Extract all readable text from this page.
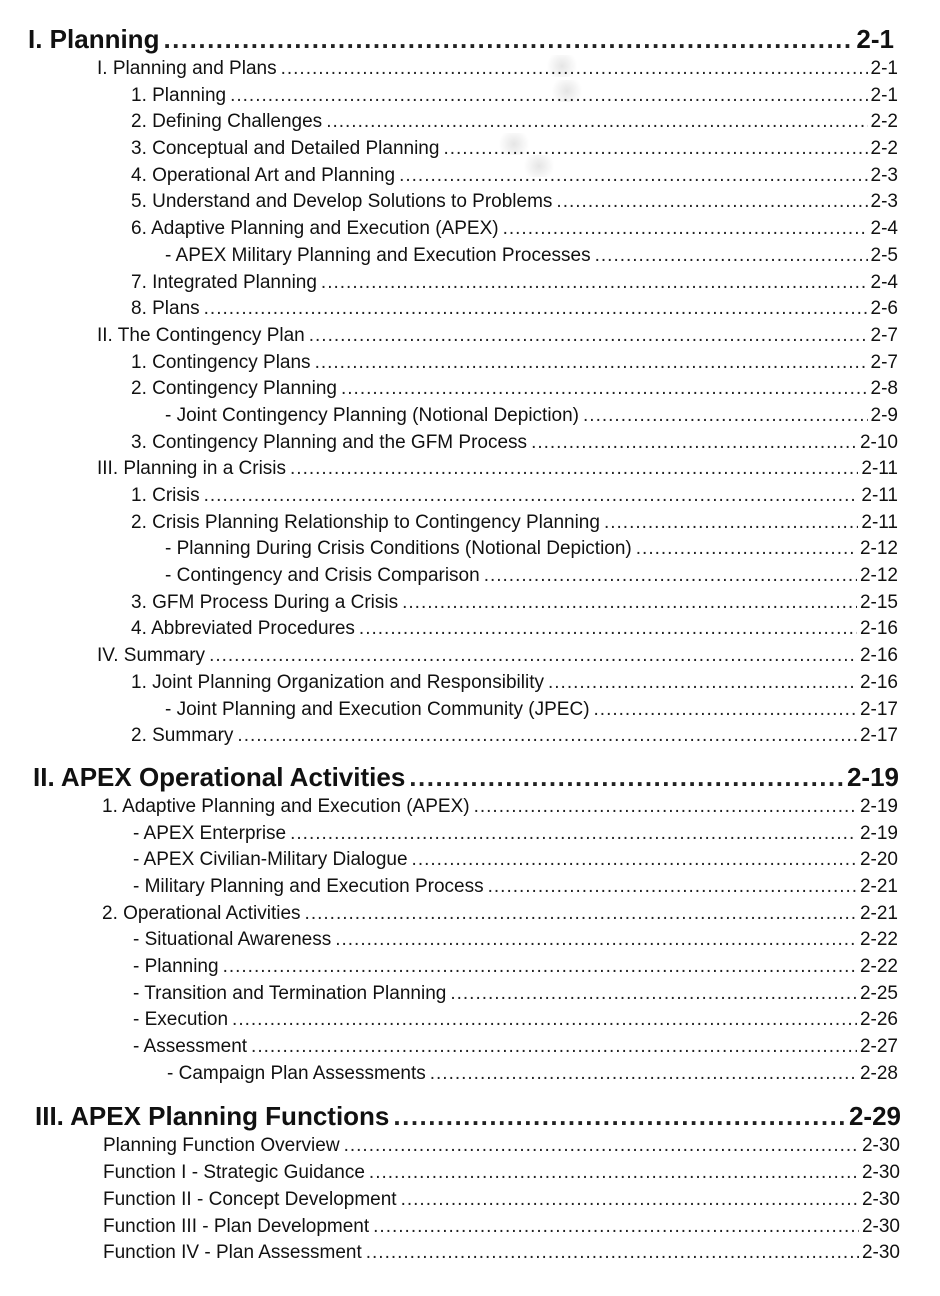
I. Planning .....	2-1
I. Planning and Plans .....	2-1
1. Planning .....	2-1
2. Defining Challenges .....	2-2
3. Conceptual and Detailed Planning .....	2-2
4. Operational Art and Planning .....	2-3
5. Understand and Develop Solutions to Problems .....	2-3
6. Adaptive Planning and Execution (APEX) .....	2-4
- APEX Military Planning and Execution Processes .....	2-5
7. Integrated Planning .....	2-4
8. Plans .....	2-6
II. The Contingency Plan .....	2-7
1. Contingency Plans .....	2-7
2. Contingency Planning .....	2-8
- Joint Contingency Planning (Notional Depiction) .....	2-9
3. Contingency Planning and the GFM Process .....	2-10
III. Planning in a Crisis .....	2-11
1. Crisis .....	2-11
2. Crisis Planning Relationship to Contingency Planning .....	2-11
- Planning During Crisis Conditions (Notional Depiction) .....	2-12
- Contingency and Crisis Comparison .....	2-12
3. GFM Process During a Crisis .....	2-15
4. Abbreviated Procedures .....	2-16
IV. Summary .....	2-16
1. Joint Planning Organization and Responsibility .....	2-16
- Joint Planning and Execution Community (JPEC) .....	2-17
2. Summary .....	2-17
II. APEX Operational Activities .....	2-19
1. Adaptive Planning and Execution (APEX) .....	2-19
- APEX Enterprise .....	2-19
- APEX Civilian-Military Dialogue .....	2-20
- Military Planning and Execution Process .....	2-21
2. Operational Activities .....	2-21
- Situational Awareness .....	2-22
- Planning .....	2-22
- Transition and Termination Planning .....	2-25
- Execution .....	2-26
- Assessment .....	2-27
- Campaign Plan Assessments .....	2-28
III. APEX Planning Functions .....	2-29
Planning Function Overview .....	2-30
Function I - Strategic Guidance .....	2-30
Function II - Concept Development .....	2-30
Function III - Plan Development .....	2-30
Function IV - Plan Assessment .....	2-30
